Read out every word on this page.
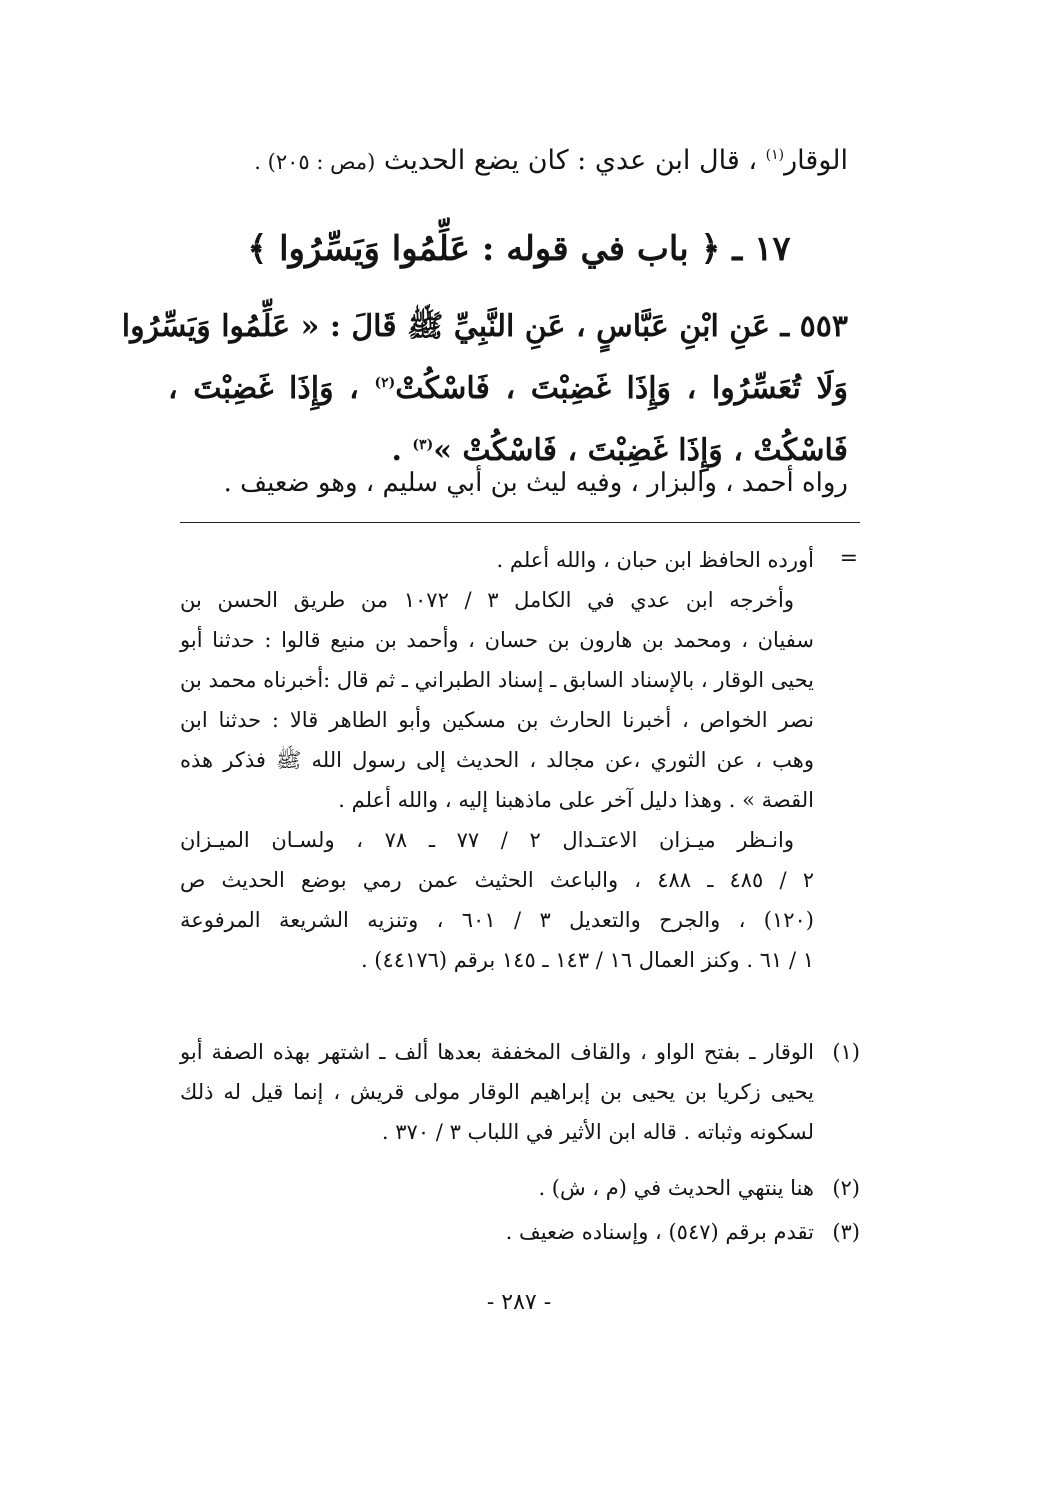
الوقار$^{(١)}$ ، قال ابن عدي : كان يضع الحديث (مص : ٢٠٥) .
١٧ ـ ﴿ باب في قوله : عَلِّمُوا وَيَسِّرُوا ﴾
٥٥٣ ـ عَنِ ابْنِ عَبَّاسٍ ، عَنِ النَّبِيِّ ﷺ قَالَ : « عَلِّمُوا وَيَسِّرُوا
وَلَا تُعَسِّرُوا ، وَإِذَا غَضِبْتَ ، فَاسْكُتْ$^{(٢)}$ ، وَإِذَا غَضِبْتَ ،
فَاسْكُتْ ، وَإِذَا غَضِبْتَ ، فَاسْكُتْ »$^{(٣)}$ .
رواه أحمد ، والبزار ، وفيه ليث بن أبي سليم ، وهو ضعيف .
=
أورده الحافظ ابن حبان ، والله أعلم .
وأخرجه ابن عدي في الكامل ٣ / ١٠٧٢ من طريق الحسن بن
سفيان ، ومحمد بن هارون بن حسان ، وأحمد بن منيع قالوا : حدثنا أبو
يحيى الوقار ، بالإسناد السابق ـ إسناد الطبراني ـ ثم قال :أخبرناه محمد بن
نصر الخواص ، أخبرنا الحارث بن مسكين وأبو الطاهر قالا : حدثنا ابن
وهب ، عن الثوري ،عن مجالد ، الحديث إلى رسول الله ﷺ فذكر هذه
القصة » . وهذا دليل آخر على ماذهبنا إليه ، والله أعلم .
وانـظر ميـزان الاعتـدال ٢ / ٧٧ ـ ٧٨ ، ولسـان الميـزان
٢ / ٤٨٥ ـ ٤٨٨ ، والباعث الحثيث عمن رمي بوضع الحديث ص
(١٢٠) ، والجرح والتعديل ٣ / ٦٠١ ، وتنزيه الشريعة المرفوعة
١ / ٦١ . وكنز العمال ١٦ / ١٤٣ ـ ١٤٥ برقم (٤٤١٧٦) .
(١)
الوقار ـ بفتح الواو ، والقاف المخففة بعدها ألف ـ اشتهر بهذه الصفة أبو
يحيى زكريا بن يحيى بن إبراهيم الوقار مولى قريش ، إنما قيل له ذلك
لسكونه وثباته . قاله ابن الأثير في اللباب ٣ / ٣٧٠ .
(٢)
هنا ينتهي الحديث في (م ، ش) .
(٣)
تقدم برقم (٥٤٧) ، وإسناده ضعيف .
- ٢٨٧ -
